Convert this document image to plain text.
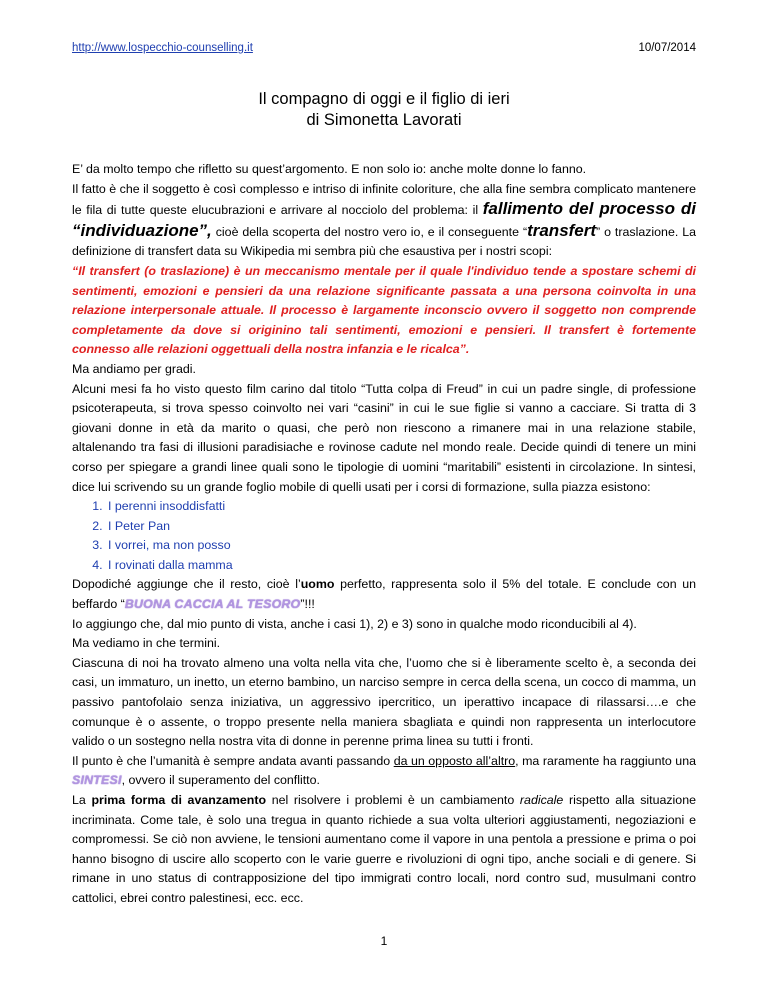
http://www.lospecchio-counselling.it	10/07/2014
Il compagno di oggi e il figlio di ieri
di Simonetta Lavorati

E’ da molto tempo che rifletto su quest’argomento. E non solo io: anche molte donne lo fanno.

Il fatto è che il soggetto è così complesso e intriso di infinite coloriture, che alla fine sembra complicato mantenere le fila di tutte queste elucubrazioni e arrivare al nocciolo del problema: il fallimento del processo di “individuazione”, cioè della scoperta del nostro vero io, e il conseguente “transfert” o traslazione. La definizione di transfert data su Wikipedia mi sembra più che esaustiva per i nostri scopi:

“Il transfert (o traslazione) è un meccanismo mentale per il quale l'individuo tende a spostare schemi di sentimenti, emozioni e pensieri da una relazione significante passata a una persona coinvolta in una relazione interpersonale attuale. Il processo è largamente inconscio ovvero il soggetto non comprende completamente da dove si originino tali sentimenti, emozioni e pensieri. Il transfert è fortemente connesso alle relazioni oggettuali della nostra infanzia e le ricalca”.

Ma andiamo per gradi.

Alcuni mesi fa ho visto questo film carino dal titolo “Tutta colpa di Freud” in cui un padre single, di professione psicoterapeuta, si trova spesso coinvolto nei vari “casini” in cui le sue figlie si vanno a cacciare. Si tratta di 3 giovani donne in età da marito o quasi, che però non riescono a rimanere mai in una relazione stabile, altalenando tra fasi di illusioni paradisiache e rovinose cadute nel mondo reale. Decide quindi di tenere un mini corso per spiegare a grandi linee quali sono le tipologie di uomini “maritabili” esistenti in circolazione. In sintesi, dice lui scrivendo su un grande foglio mobile di quelli usati per i corsi di formazione, sulla piazza esistono:

1. I perenni insoddisfatti
2. I Peter Pan
3. I vorrei, ma non posso
4. I rovinati dalla mamma

Dopodiché aggiunge che il resto, cioè l’uomo perfetto, rappresenta solo il 5% del totale. E conclude con un beffardo “BUONA CACCIA AL TESORO”!!!

Io aggiungo che, dal mio punto di vista, anche i casi 1), 2) e 3) sono in qualche modo riconducibili al 4).

Ma vediamo in che termini.

Ciascuna di noi ha trovato almeno una volta nella vita che, l’uomo che si è liberamente scelto è, a seconda dei casi, un immaturo, un inetto, un eterno bambino, un narciso sempre in cerca della scena, un cocco di mamma, un passivo pantofolaio senza iniziativa, un aggressivo ipercritico, un iperattivo incapace di rilassarsi….e che comunque è o assente, o troppo presente nella maniera sbagliata e quindi non rappresenta un interlocutore valido o un sostegno nella nostra vita di donne in perenne prima linea su tutti i fronti.

Il punto è che l’umanità è sempre andata avanti passando da un opposto all’altro, ma raramente ha raggiunto una SINTESI, ovvero il superamento del conflitto.

La prima forma di avanzamento nel risolvere i problemi è un cambiamento radicale rispetto alla situazione incriminata. Come tale, è solo una tregua in quanto richiede a sua volta ulteriori aggiustamenti, negoziazioni e compromessi. Se ciò non avviene, le tensioni aumentano come il vapore in una pentola a pressione e prima o poi hanno bisogno di uscire allo scoperto con le varie guerre e rivoluzioni di ogni tipo, anche sociali e di genere. Si rimane in uno status di contrapposizione del tipo immigrati contro locali, nord contro sud, musulmani contro cattolici, ebrei contro palestinesi, ecc. ecc.

1
